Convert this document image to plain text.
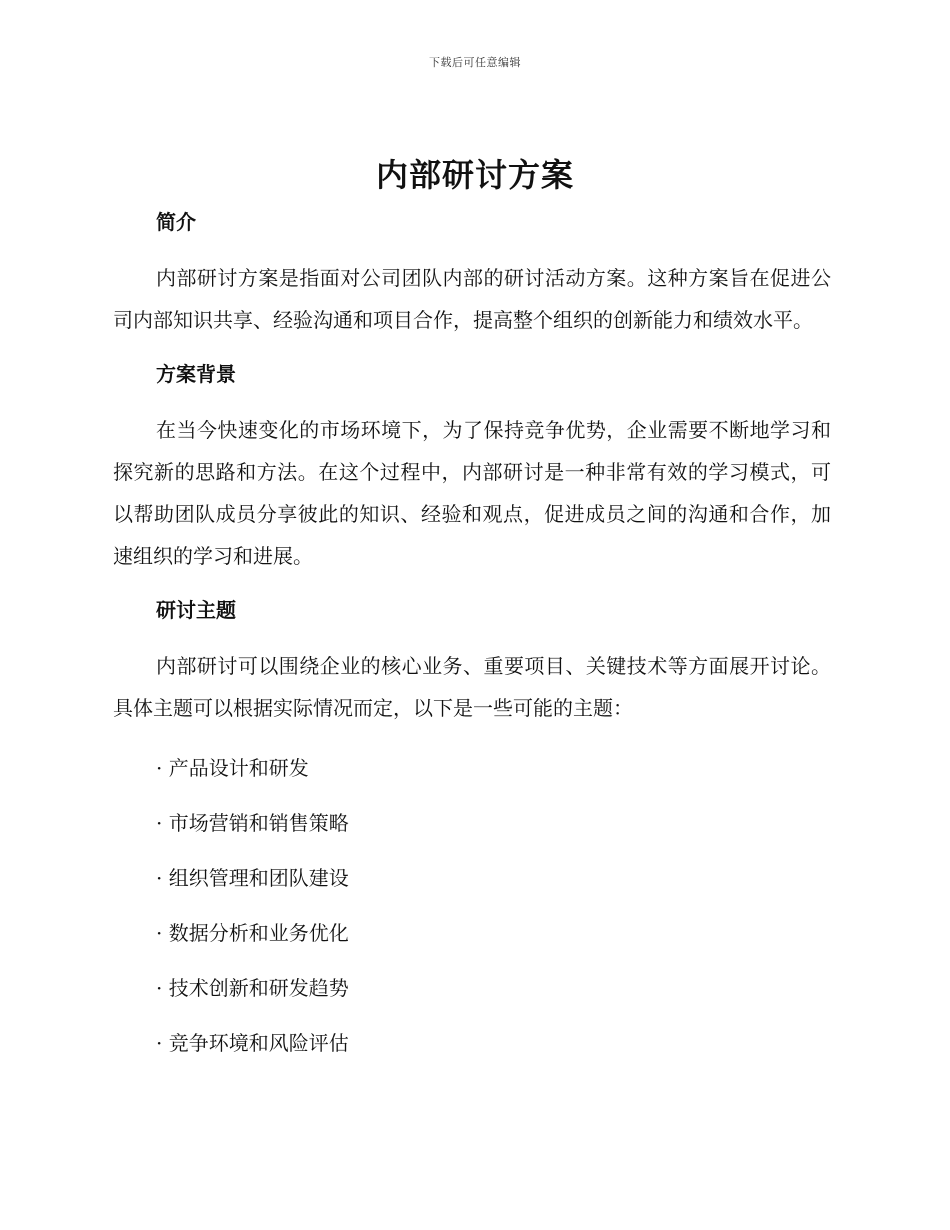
下载后可任意编辑
内部研讨方案
简介

内部研讨方案是指面对公司团队内部的研讨活动方案。这种方案旨在促进公司内部知识共享、经验沟通和项目合作，提高整个组织的创新能力和绩效水平。

方案背景

在当今快速变化的市场环境下，为了保持竞争优势，企业需要不断地学习和探究新的思路和方法。在这个过程中，内部研讨是一种非常有效的学习模式，可以帮助团队成员分享彼此的知识、经验和观点，促进成员之间的沟通和合作，加速组织的学习和进展。

研讨主题

内部研讨可以围绕企业的核心业务、重要项目、关键技术等方面展开讨论。具体主题可以根据实际情况而定，以下是一些可能的主题：

· 产品设计和研发
· 市场营销和销售策略
· 组织管理和团队建设
· 数据分析和业务优化
· 技术创新和研发趋势
· 竞争环境和风险评估
